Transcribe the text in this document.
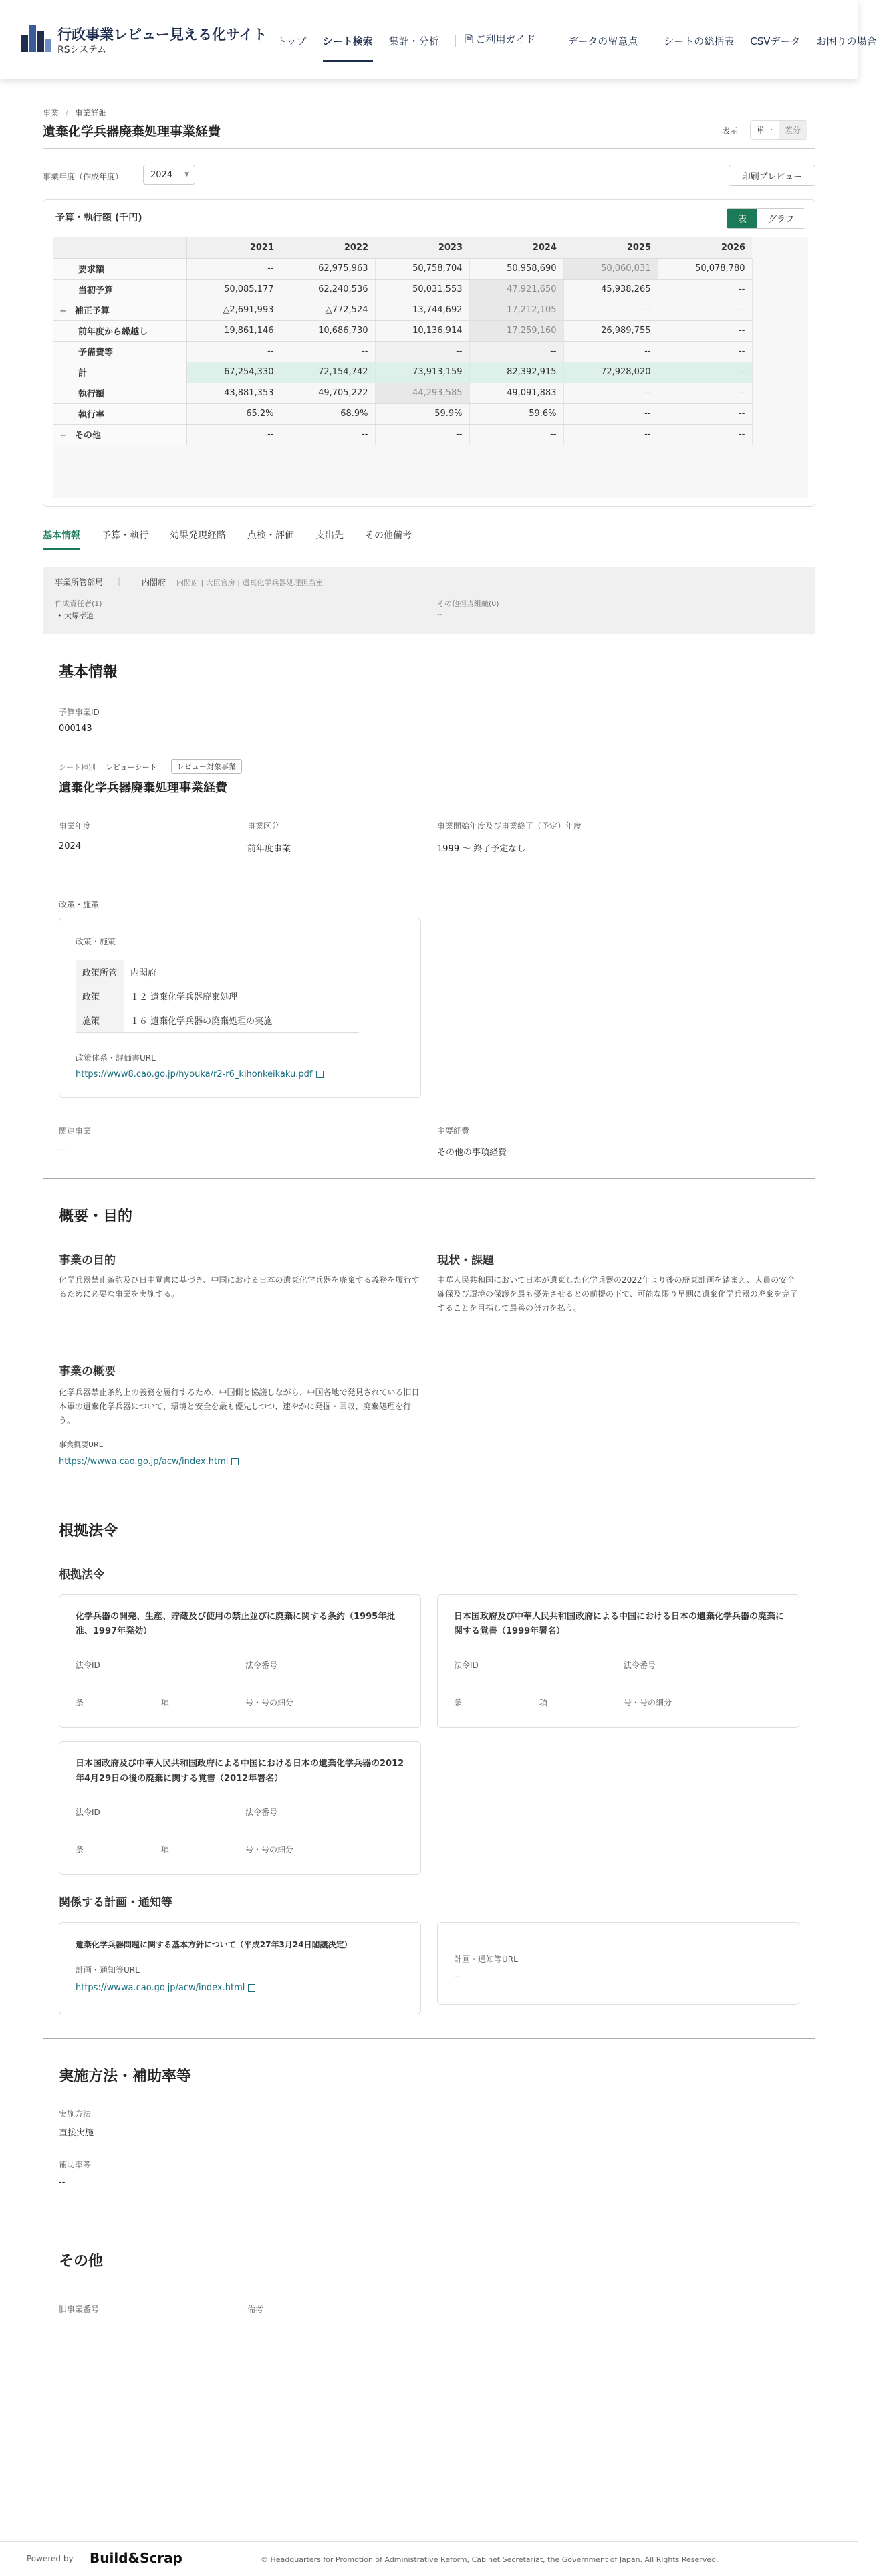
行政事業レビュー見える化サイト
RSシステム
トップ シート検索 集計・分析	🗎 ご利用ガイド	データの留意点	シートの総括表 CSVデータ お困りの場合
事業 / 事業詳細
遺棄化学兵器廃棄処理事業経費	表示	単一	差分
事業年度（作成年度）	2024 ▼	印刷プレビュー
予算・執行額 (千円)	表	グラフ
	2021	2022	2023	2024	2025	2026
要求額	--	62,975,963	50,758,704	50,958,690	50,060,031	50,078,780
当初予算	50,085,177	62,240,536	50,031,553	47,921,650	45,938,265	--
+ 補正予算	△2,691,993	△772,524	13,744,692	17,212,105	--	--
前年度から繰越し	19,861,146	10,686,730	10,136,914	17,259,160	26,989,755	--
予備費等	--	--	--	--	--	--
計	67,254,330	72,154,742	73,913,159	82,392,915	72,928,020	--
執行額	43,881,353	49,705,222	44,293,585	49,091,883	--	--
執行率	65.2%	68.9%	59.9%	59.6%	--	--
+ その他	--	--	--	--	--	--
基本情報 予算・執行 効果発現経路 点検・評価 支出先 その他備考
事業所管部局 |	内閣府 内閣府 | 大臣官房 | 遺棄化学兵器処理担当室
作成責任者(1)
• 大塚孝道
その他担当組織(0)
--
基本情報
予算事業ID
000143
シート種別 レビューシート	レビュー対象事業
遺棄化学兵器廃棄処理事業経費
事業年度
2024
事業区分
前年度事業
事業開始年度及び事業終了（予定）年度
1999 〜 終了予定なし
政策・施策
政策・施策
政策所管	内閣府
政策	１２ 遺棄化学兵器廃棄処理
施策	１６ 遺棄化学兵器の廃棄処理の実施
政策体系・評価書URL
https://www8.cao.go.jp/hyouka/r2-r6_kihonkeikaku.pdf
関連事業
--
主要経費
その他の事項経費
概要・目的
事業の目的
化学兵器禁止条約及び日中覚書に基づき、中国における日本の遺棄化学兵器を廃棄する義務を履行するために必要な事業を実施する。
現状・課題
中華人民共和国において日本が遺棄した化学兵器の2022年より後の廃棄計画を踏まえ、人員の安全確保及び環境の保護を最も優先させるとの前提の下で、可能な限り早期に遺棄化学兵器の廃棄を完了することを目指して最善の努力を払う。
事業の概要
化学兵器禁止条約上の義務を履行するため、中国側と協議しながら、中国各地で発見されている旧日本軍の遺棄化学兵器について、環境と安全を最も優先しつつ、速やかに発掘・回収、廃棄処理を行う。
事業概要URL
https://wwwa.cao.go.jp/acw/index.html
根拠法令
根拠法令
化学兵器の開発、生産、貯蔵及び使用の禁止並びに廃棄に関する条約（1995年批准、1997年発効）
法令ID	法令番号
条	項	号・号の細分
日本国政府及び中華人民共和国政府による中国における日本の遺棄化学兵器の廃棄に関する覚書（1999年署名）
法令ID	法令番号
条	項	号・号の細分
日本国政府及び中華人民共和国政府による中国における日本の遺棄化学兵器の2012年4月29日の後の廃棄に関する覚書（2012年署名）
法令ID	法令番号
条	項	号・号の細分
関係する計画・通知等
遺棄化学兵器問題に関する基本方針について（平成27年3月24日閣議決定）
計画・通知等URL
https://wwwa.cao.go.jp/acw/index.html
計画・通知等URL
--
実施方法・補助率等
実施方法
直接実施
補助率等
--
その他
旧事業番号	備考
Powered by Build&Scrap	© Headquarters for Promotion of Administrative Reform, Cabinet Secretariat, the Government of Japan. All Rights Reserved.
